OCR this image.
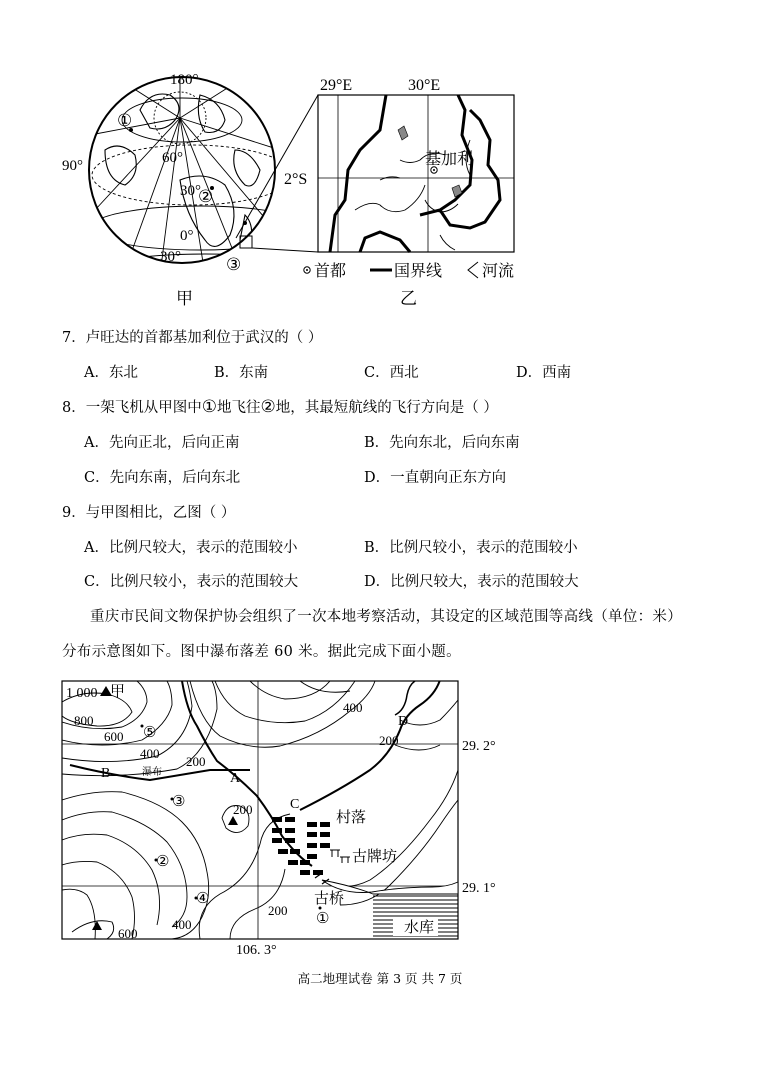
180°
90°	60°
30°
0°
30°
①
②
③
甲
29°E	30°E
2°S
基加利
首都	国界线 河流
乙
7．卢旺达的首都基加利位于武汉的（ ）
A．东北	B．东南	C．西北	D．西南
8．一架飞机从甲图中①地飞往②地，其最短航线的飞行方向是（ ）
A．先向正北，后向正南	B．先向东北，后向东南
C．先向东南，后向东北	D．一直朝向正东方向
9．与甲图相比，乙图（ ）
A．比例尺较大，表示的范围较小	B．比例尺较小，表示的范围较小
C．比例尺较小，表示的范围较大	D．比例尺较大，表示的范围较大
重庆市民间文物保护协会组织了一次本地考察活动，其设定的区域范围等高线（单位：米）
分布示意图如下。图中瀑布落差 60 米。据此完成下面小题。
1 000 甲
800
600 ⑤
400
400
200
200
200
200
400
600
B	A
C
D
瀑布
③
②
④
①
村落
古牌坊
古桥
水库
29. 2°
29. 1°
106. 3°
高二地理试卷 第 3 页 共 7 页
